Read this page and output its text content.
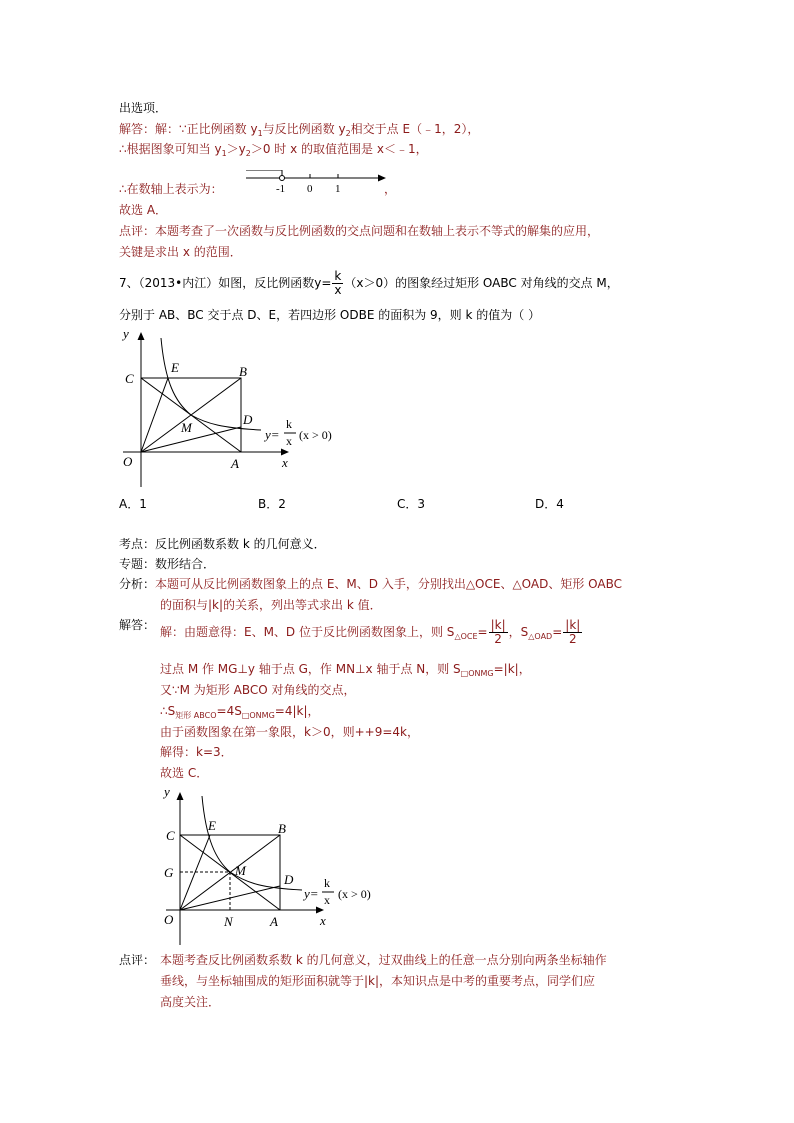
出选项．
解答：解：∵正比例函数 $y_1$与反比例函数 $y_2$相交于点 E（﹣1，2），
∴根据图象可知当 $y_1>y_2>0$ 时 x 的取值范围是 x＜﹣1，
∴在数轴上表示为：	，
-1 0 1
故选 A．
点评：本题考查了一次函数与反比例函数的交点问题和在数轴上表示不等式的解集的应用，
关键是求出 x 的范围．
7、（2013•内江）如图，反比例函数$y= \frac{k}{x} (x>0)$的图象经过矩形 OABC 对角线的交点 M，
分别于 AB、BC 交于点 D、E，若四边形 ODBE 的面积为 9，则 k 的值为（ ）
y
x
O	A
B
C
E
D
M	y=
k
x (x > 0)
A．1	B．2	C．3	D．4
考点：反比例函数系数 k 的几何意义．
专题：数形结合．
分析：本题可从反比例函数图象上的点 E、M、D 入手，分别找出△OCE、△OAD、矩形 OABC
的面积与|k|的关系，列出等式求出 k 值．
解答： 解：由题意得：E、M、D 位于反比例函数图象上，则 $S_{\triangle OCE}= \frac{|k|}{2}$ ，$S_{\triangle OAD}= \frac{|k|}{2}$
过点 M 作 MG⊥y 轴于点 G，作 MN⊥x 轴于点 N，则 $S_{□ONMG}=|k|$，
又∵M 为矩形 ABCO 对角线的交点，
$\therefore S_{矩形 ABCO}=4S_{□ONMG}=4|k|$，
由于函数图象在第一象限，k＞0，则++9=4k，
解得：k=3．
故选 C．
y
x
O	N	A
B
C
E
G	M
D
y=
k
x (x > 0)
点评： 本题考查反比例函数系数 k 的几何意义，过双曲线上的任意一点分别向两条坐标轴作
垂线，与坐标轴围成的矩形面积就等于|k|，本知识点是中考的重要考点，同学们应
高度关注．
